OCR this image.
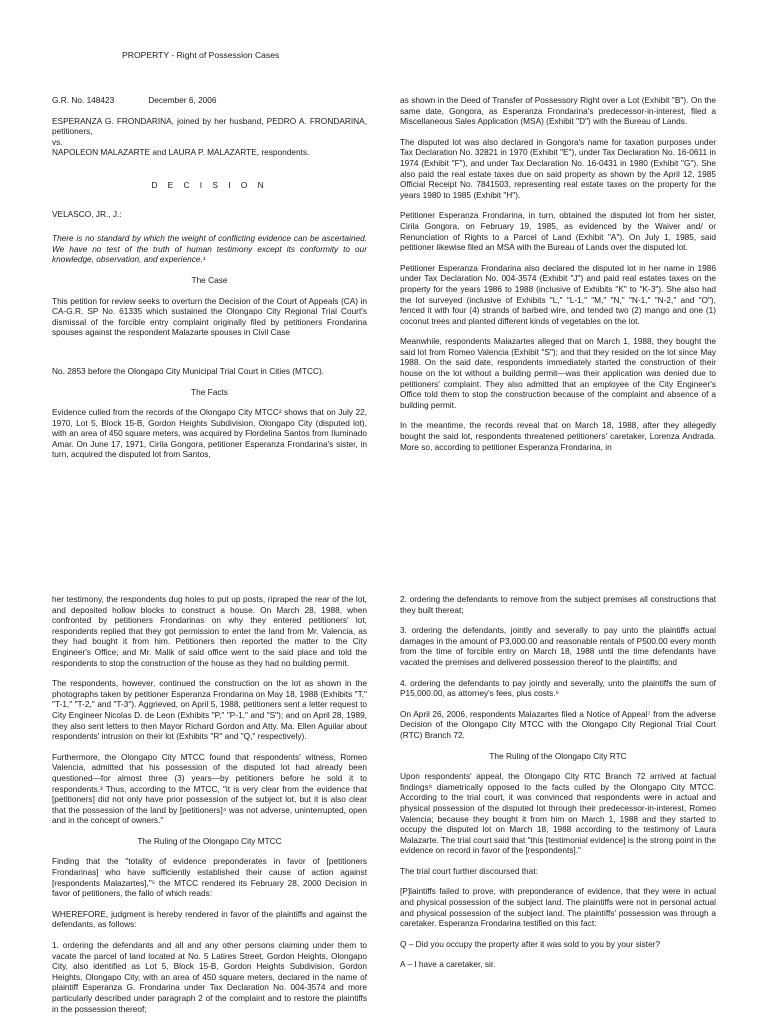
PROPERTY - Right of Possession Cases

G.R. No. 148423	December 6, 2006

ESPERANZA G. FRONDARINA, joined by her husband, PEDRO A. FRONDARINA, petitioners,

vs.

NAPOLEON MALAZARTE and LAURA P. MALAZARTE, respondents.

D E C I S I O N

VELASCO, JR., J.:

There is no standard by which the weight of conflicting evidence can be ascertained. We have no test of the truth of human testimony except its conformity to our knowledge, observation, and experience.¹

The Case

This petition for review seeks to overturn the Decision of the Court of Appeals (CA) in CA-G.R. SP No. 61335 which sustained the Olongapo City Regional Trial Court's dismissal of the forcible entry complaint originally filed by petitioners Frondarina spouses against the respondent Malazarte spouses in Civil Case

No. 2853 before the Olongapo City Municipal Trial Court in Cities (MTCC).

The Facts

Evidence culled from the records of the Olongapo City MTCC² shows that on July 22, 1970, Lot 5, Block 15-B, Gordon Heights Subdivision, Olongapo City (disputed lot), with an area of 450 square meters, was acquired by Flordelina Santos from Iluminado Amar. On June 17, 1971, Cirila Gongora, petitioner Esperanza Frondarina's sister, in turn, acquired the disputed lot from Santos,

as shown in the Deed of Transfer of Possessory Right over a Lot (Exhibit "B"). On the same date, Gongora, as Esperanza Frondarina's predecessor-in-interest, filed a Miscellaneous Sales Application (MSA) (Exhibit "D") with the Bureau of Lands.

The disputed lot was also declared in Gongora's name for taxation purposes under Tax Declaration No. 32821 in 1970 (Exhibit "E"), under Tax Declaration No. 16-0611 in 1974 (Exhibit "F"), and under Tax Declaration No. 16-0431 in 1980 (Exhibit "G"). She also paid the real estate taxes due on said property as shown by the April 12, 1985 Official Receipt No. 7841503, representing real estate taxes on the property for the years 1980 to 1985 (Exhibit "H").

Petitioner Esperanza Frondarina, in turn, obtained the disputed lot from her sister, Cirila Gongora, on February 19, 1985, as evidenced by the Waiver and/ or Renunciation of Rights to a Parcel of Land (Exhibit "A"). On July 1, 1985, said petitioner likewise filed an MSA with the Bureau of Lands over the disputed lot.

Petitioner Esperanza Frondarina also declared the disputed lot in her name in 1986 under Tax Declaration No. 004-3574 (Exhibit "J") and paid real estates taxes on the property for the years 1986 to 1988 (inclusive of Exhibits "K" to "K-3"). She also had the lot surveyed (inclusive of Exhibits "L," "L-1," "M," "N," "N-1," "N-2," and "O"), fenced it with four (4) strands of barbed wire, and tended two (2) mango and one (1) coconut trees and planted different kinds of vegetables on the lot.

Meanwhile, respondents Malazartes alleged that on March 1, 1988, they bought the said lot from Romeo Valencia (Exhibit "S"); and that they resided on the lot since May 1988. On the said date, respondents immediately started the construction of their house on the lot without a building permit—was their application was denied due to petitioners' complaint. They also admitted that an employee of the City Engineer's Office told them to stop the construction because of the complaint and absence of a building permit.

In the meantime, the records reveal that on March 18, 1988, after they allegedly bought the said lot, respondents threatened petitioners' caretaker, Lorenza Andrada. More so, according to petitioner Esperanza Frondarina, in

her testimony, the respondents dug holes to put up posts, ripraped the rear of the lot, and deposited hollow blocks to construct a house. On March 28, 1988, when confronted by petitioners Frondarinas on why they entered petitioners' lot, respondents replied that they got permission to enter the land from Mr. Valencia, as they had bought it from him. Petitioners then reported the matter to the City Engineer's Office; and Mr. Malik of said office went to the said place and told the respondents to stop the construction of the house as they had no building permit.

The respondents, however, continued the construction on the lot as shown in the photographs taken by petitioner Esperanza Frondarina on May 18, 1988 (Exhibits "T," "T-1," "T-2," and "T-3"). Aggrieved, on April 5, 1988, petitioners sent a letter request to City Engineer Nicolas D. de Leon (Exhibits "P," "P-1," and "S"); and on April 28, 1989, they also sent letters to then Mayor Richard Gordon and Atty. Ma. Ellen Aguilar about respondents' intrusion on their lot (Exhibits "R" and "Q," respectively).

Furthermore, the Olongapo City MTCC found that respondents' witness, Romeo Valencia, admitted that his possession of the disputed lot had already been questioned—for almost three (3) years—by petitioners before he sold it to respondents.³ Thus, according to the MTCC, "it is very clear from the evidence that [petitioners] did not only have prior possession of the subject lot, but it is also clear that the possession of the land by [petitioners]⁴ was not adverse, uninterrupted, open and in the concept of owners."

The Ruling of the Olongapo City MTCC

Finding that the "totality of evidence preponderates in favor of [petitioners Frondarinas] who have sufficiently established their cause of action against [respondents Malazartes],"⁵ the MTCC rendered its February 28, 2000 Decision in favor of petitioners, the fallo of which reads:

WHEREFORE, judgment is hereby rendered in favor of the plaintiffs and against the defendants, as follows:

1. ordering the defendants and all and any other persons claiming under them to vacate the parcel of land located at No. 5 Latires Street, Gordon Heights, Olongapo City, also identified as Lot 5, Block 15-B, Gordon Heights Subdivision, Gordon Heights, Olongapo City, with an area of 450 square meters, declared in the name of plaintiff Esperanza G. Frondarina under Tax Declaration No. 004-3574 and more particularly described under paragraph 2 of the complaint and to restore the plaintiffs in the possession thereof;

2. ordering the defendants to remove from the subject premises all constructions that they built thereat;

3. ordering the defendants, jointly and severally to pay unto the plaintiffs actual damages in the amount of P3,000.00 and reasonable rentals of P500.00 every month from the time of forcible entry on March 18, 1988 until the time defendants have vacated the premises and delivered possession thereof to the plaintiffs; and

4. ordering the defendants to pay jointly and severally, unto the plaintiffs the sum of P15,000.00, as attorney's fees, plus costs.⁶

On April 26, 2006, respondents Malazartes filed a Notice of Appeal⁷ from the adverse Decision of the Olongapo City MTCC with the Olongapo City Regional Trial Court (RTC) Branch 72.

The Ruling of the Olongapo City RTC

Upon respondents' appeal, the Olongapo City RTC Branch 72 arrived at factual findings⁸ diametrically opposed to the facts culled by the Olongapo City MTCC. According to the trial court, it was convinced that respondents were in actual and physical possession of the disputed lot through their predecessor-in-interest, Romeo Valencia; because they bought it from him on March 1, 1988 and they started to occupy the disputed lot on March 18, 1988 according to the testimony of Laura Malazarte. The trial court said that "this [testimonial evidence] is the strong point in the evidence on record in favor of the [respondents]."

The trial court further discoursed that:

[P]laintiffs failed to prove, with preponderance of evidence, that they were in actual and physical possession of the subject land. The plaintiffs were not in personal actual and physical possession of the subject land. The plaintiffs' possession was through a caretaker. Esperanza Frondarina testified on this fact:

Q – Did you occupy the property after it was sold to you by your sister?

A – I have a caretaker, sir.
